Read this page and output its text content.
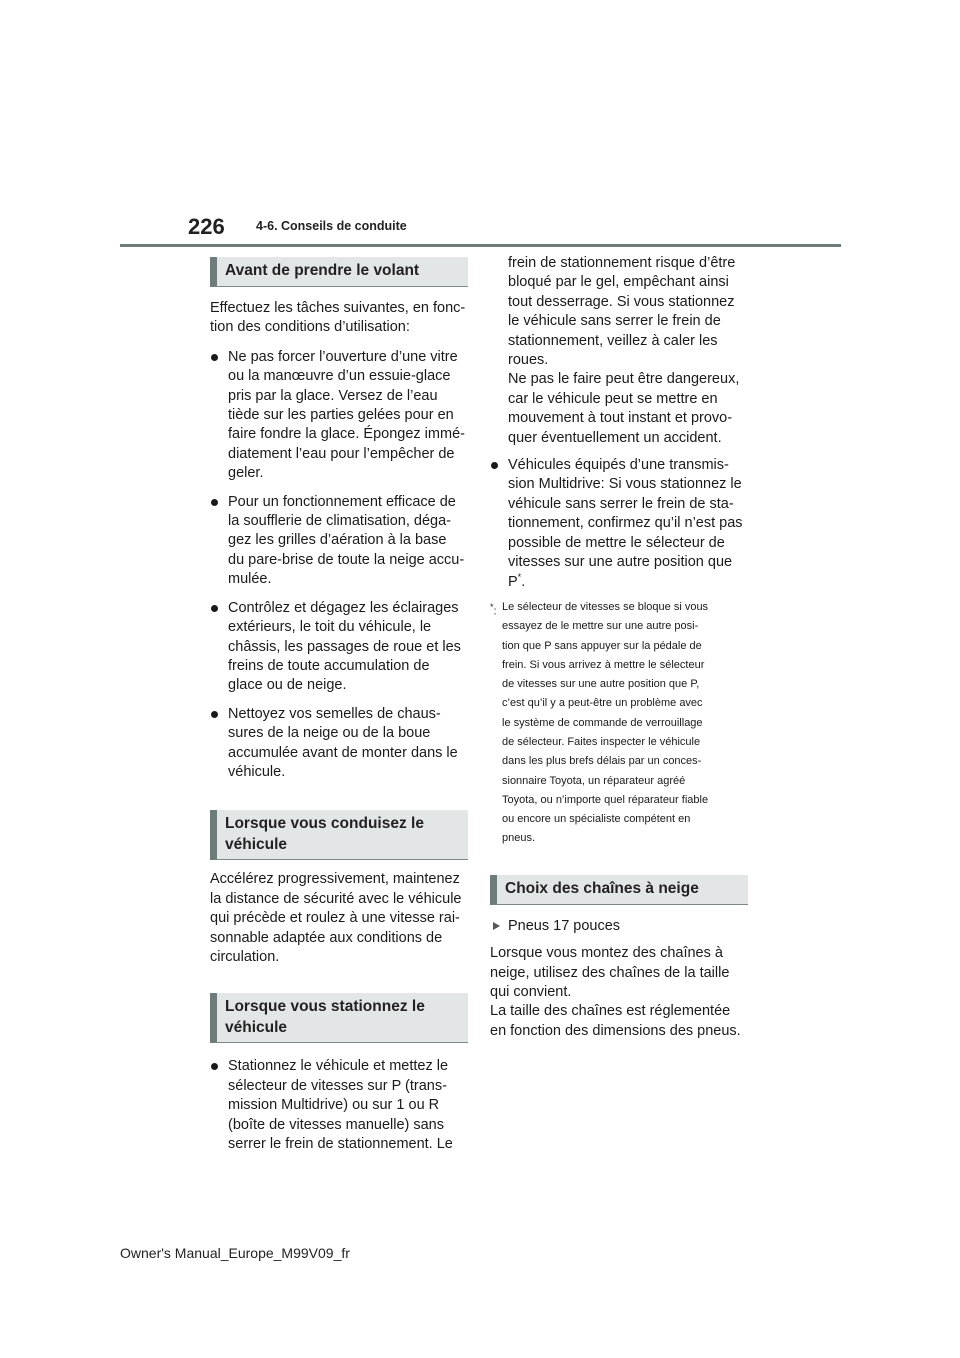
226	4-6. Conseils de conduite
Avant de prendre le volant

Effectuez les tâches suivantes, en fonc-
tion des conditions d’utilisation:

Ne pas forcer l’ouverture d’une vitre
ou la manœuvre d’un essuie-glace
pris par la glace. Versez de l’eau
tiède sur les parties gelées pour en
faire fondre la glace. Épongez immé-
diatement l’eau pour l’empêcher de
geler.
Pour un fonctionnement efficace de
la soufflerie de climatisation, déga-
gez les grilles d’aération à la base
du pare-brise de toute la neige accu-
mulée.
Contrôlez et dégagez les éclairages
extérieurs, le toit du véhicule, le
châssis, les passages de roue et les
freins de toute accumulation de
glace ou de neige.
Nettoyez vos semelles de chaus-
sures de la neige ou de la boue
accumulée avant de monter dans le
véhicule.
Lorsque vous conduisez le
véhicule

Accélérez progressivement, maintenez
la distance de sécurité avec le véhicule
qui précède et roulez à une vitesse rai-
sonnable adaptée aux conditions de
circulation.

Lorsque vous stationnez le
véhicule
Stationnez le véhicule et mettez le
sélecteur de vitesses sur P (trans-
mission Multidrive) ou sur 1 ou R
(boîte de vitesses manuelle) sans
serrer le frein de stationnement. Le

frein de stationnement risque d’être
bloqué par le gel, empêchant ainsi
tout desserrage. Si vous stationnez
le véhicule sans serrer le frein de
stationnement, veillez à caler les
roues.
Ne pas le faire peut être dangereux,
car le véhicule peut se mettre en
mouvement à tout instant et provo-
quer éventuellement un accident.

Véhicules équipés d’une transmis-
sion Multidrive: Si vous stationnez le
véhicule sans serrer le frein de sta-
tionnement, confirmez qu’il n’est pas
possible de mettre le sélecteur de
vitesses sur une autre position que
P*.
*: Le sélecteur de vitesses se bloque si vous
essayez de le mettre sur une autre posi-
tion que P sans appuyer sur la pédale de
frein. Si vous arrivez à mettre le sélecteur
de vitesses sur une autre position que P,
c’est qu’il y a peut-être un problème avec
le système de commande de verrouillage
de sélecteur. Faites inspecter le véhicule
dans les plus brefs délais par un conces-
sionnaire Toyota, un réparateur agréé
Toyota, ou n’importe quel réparateur fiable
ou encore un spécialiste compétent en
pneus.
Choix des chaînes à neige
Pneus 17 pouces

Lorsque vous montez des chaînes à
neige, utilisez des chaînes de la taille
qui convient.
La taille des chaînes est réglementée
en fonction des dimensions des pneus.

Owner's Manual_Europe_M99V09_fr
